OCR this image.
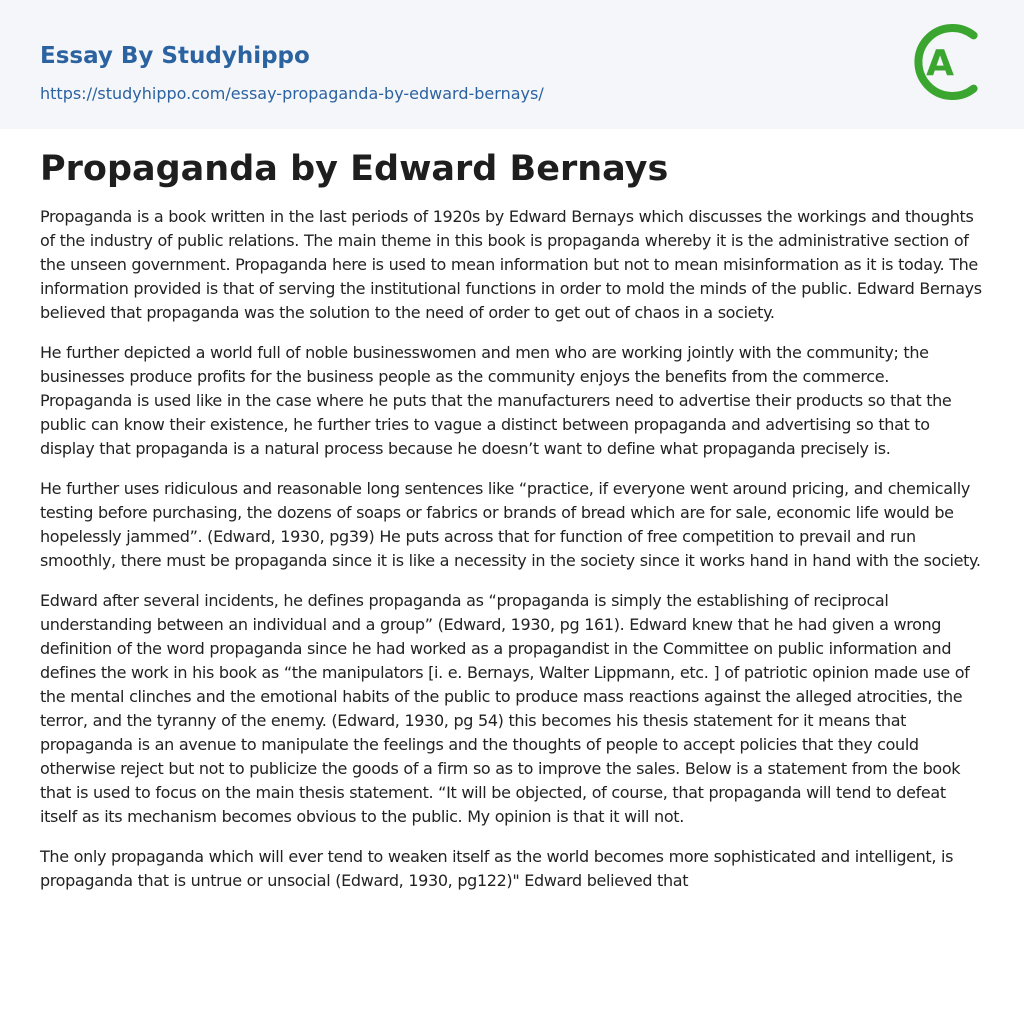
Essay By Studyhippo
https://studyhippo.com/essay-propaganda-by-edward-bernays/
A
Propaganda by Edward Bernays

Propaganda is a book written in the last periods of 1920s by Edward Bernays which discusses the workings and thoughts of the industry of public relations. The main theme in this book is propaganda whereby it is the administrative section of the unseen government. Propaganda here is used to mean information but not to mean misinformation as it is today. The information provided is that of serving the institutional functions in order to mold the minds of the public. Edward Bernays believed that propaganda was the solution to the need of order to get out of chaos in a society.

He further depicted a world full of noble businesswomen and men who are working jointly with the community; the businesses produce profits for the business people as the community enjoys the benefits from the commerce. Propaganda is used like in the case where he puts that the manufacturers need to advertise their products so that the public can know their existence, he further tries to vague a distinct between propaganda and advertising so that to display that propaganda is a natural process because he doesn’t want to define what propaganda precisely is.

He further uses ridiculous and reasonable long sentences like “practice, if everyone went around pricing, and chemically testing before purchasing, the dozens of soaps or fabrics or brands of bread which are for sale, economic life would be hopelessly jammed”. (Edward, 1930, pg39) He puts across that for function of free competition to prevail and run smoothly, there must be propaganda since it is like a necessity in the society since it works hand in hand with the society.

Edward after several incidents, he defines propaganda as “propaganda is simply the establishing of reciprocal understanding between an individual and a group” (Edward, 1930, pg 161). Edward knew that he had given a wrong definition of the word propaganda since he had worked as a propagandist in the Committee on public information and defines the work in his book as “the manipulators [i. e. Bernays, Walter Lippmann, etc. ] of patriotic opinion made use of the mental clinches and the emotional habits of the public to produce mass reactions against the alleged atrocities, the terror, and the tyranny of the enemy. (Edward, 1930, pg 54) this becomes his thesis statement for it means that propaganda is an avenue to manipulate the feelings and the thoughts of people to accept policies that they could otherwise reject but not to publicize the goods of a firm so as to improve the sales. Below is a statement from the book that is used to focus on the main thesis statement. “It will be objected, of course, that propaganda will tend to defeat itself as its mechanism becomes obvious to the public. My opinion is that it will not.

The only propaganda which will ever tend to weaken itself as the world becomes more sophisticated and intelligent, is propaganda that is untrue or unsocial (Edward, 1930, pg122)" Edward believed that
